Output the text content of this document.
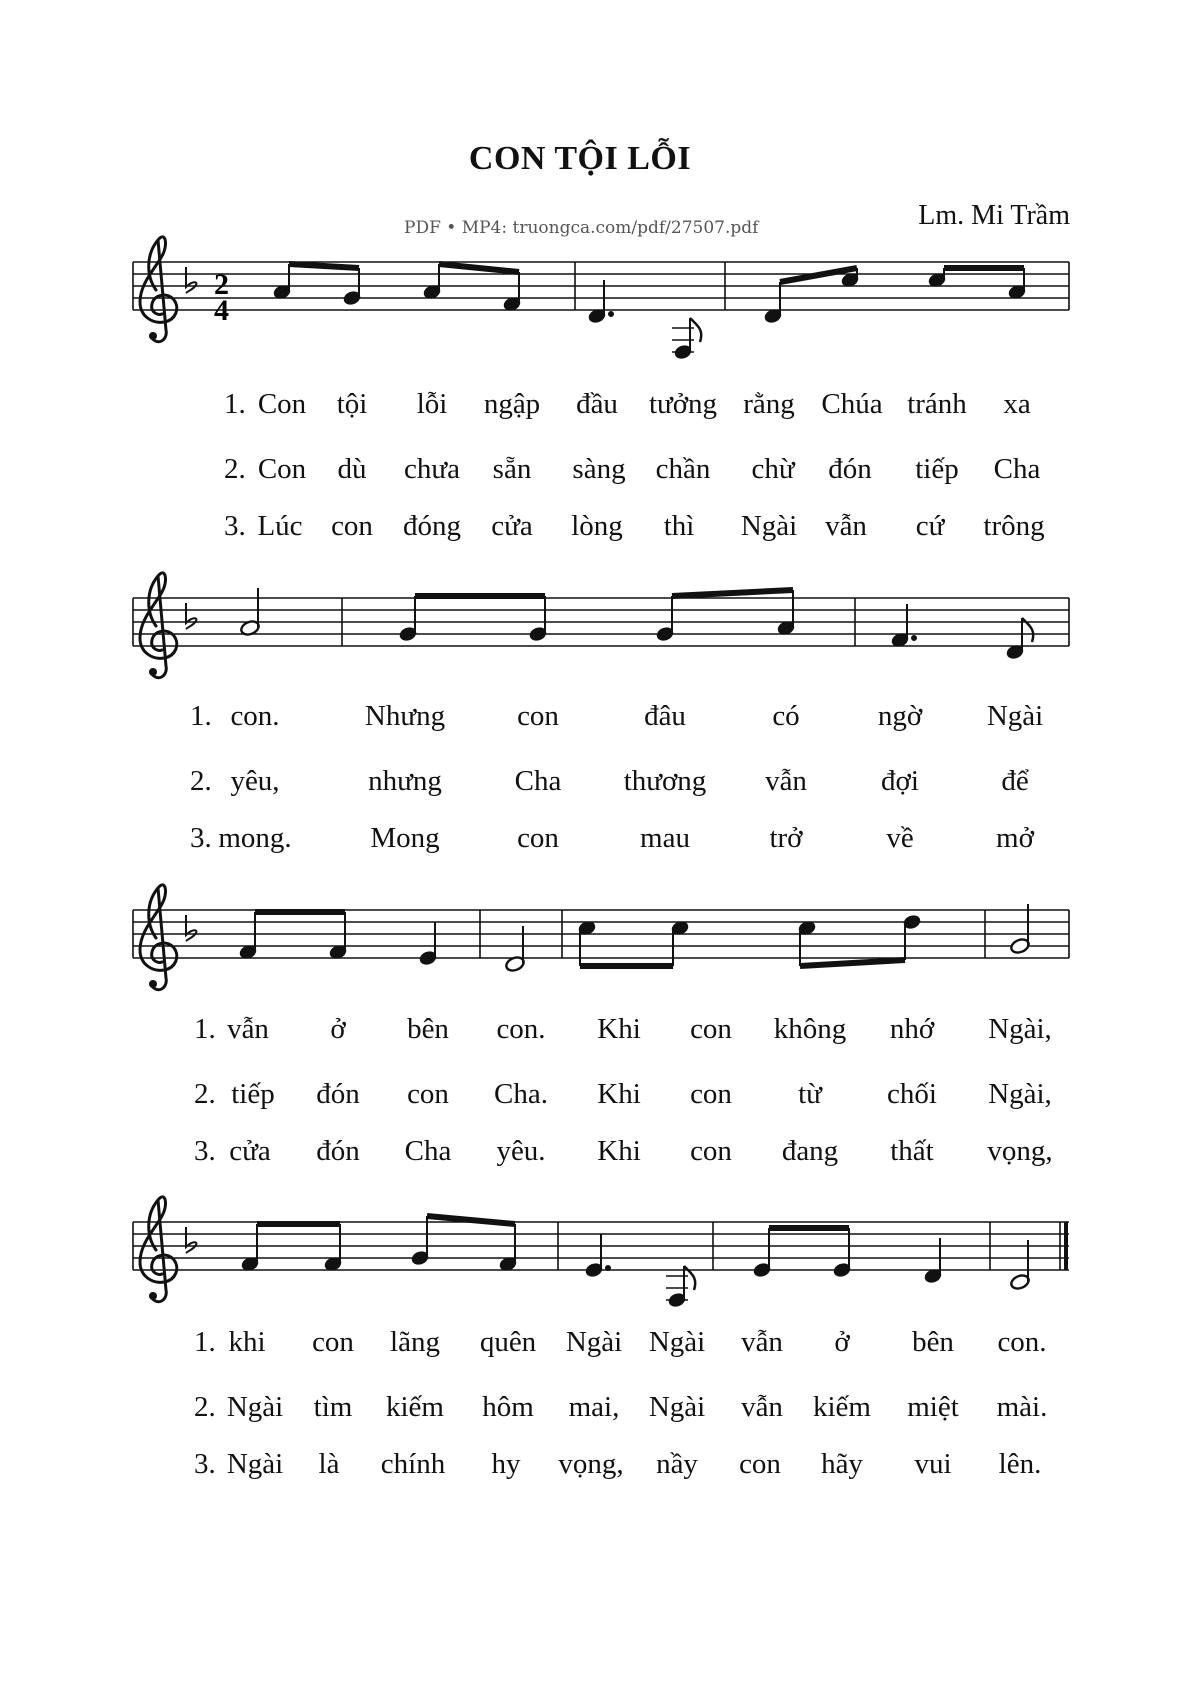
CON TỘI LỖI
PDF • MP4: truongca.com/pdf/27507.pdf	Lm. Mi Trầm
2
4
1. Con tội lỗi ngập đầu tưởng rằng Chúa tránh xa
2. Con dù chưa sẵn sàng chần chừ đón tiếp Cha
3. Lúc con đóng cửa lòng thì Ngài vẫn cứ trông
1. con.	Nhưng con	đâu	có	ngờ Ngài
2. yêu,	nhưng	Cha thương vẫn	đợi	để
3. mong.	Mong	con	mau	trở	về	mở
1. vẫn ở bên con. Khi con không nhớ Ngài,
2. tiếp đón con Cha. Khi con từ chối Ngài,
3. cửa đón Cha yêu. Khi con đang thất vọng,
1. khi con lãng quên Ngài Ngài vẫn ở bên con.
2. Ngài tìm kiếm hôm mai, Ngài vẫn kiếm miệt mài.
3. Ngài là chính hy vọng, nầy con hãy vui lên.
